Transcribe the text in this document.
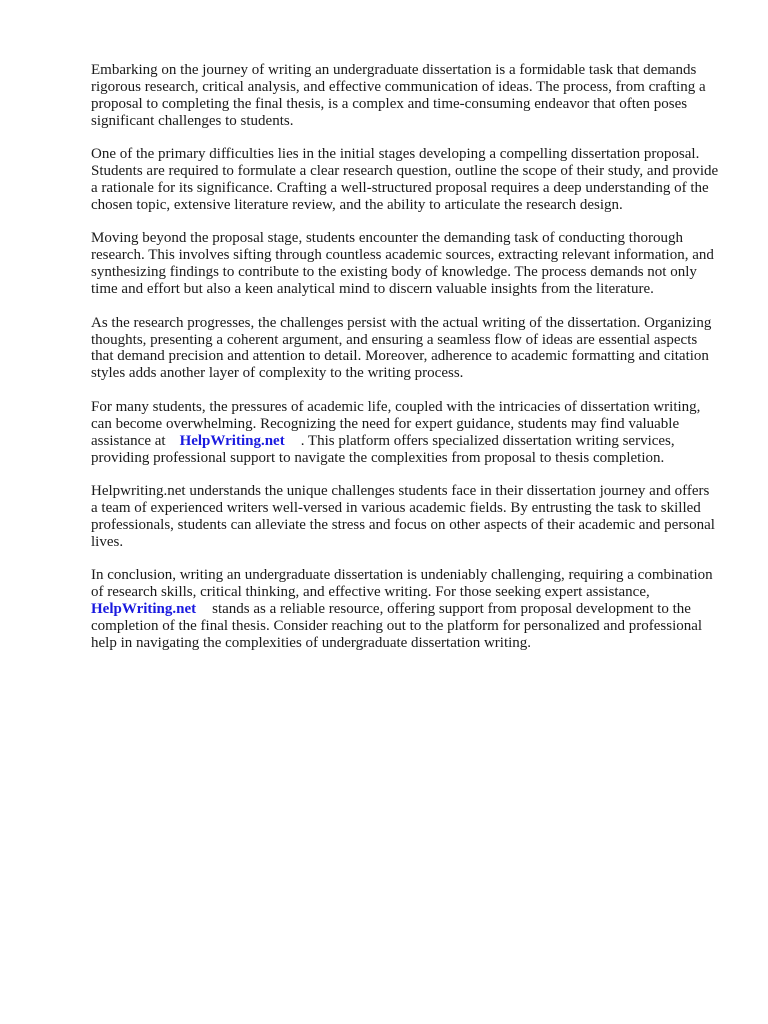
Embarking on the journey of writing an undergraduate dissertation is a formidable task that demands rigorous research, critical analysis, and effective communication of ideas. The process, from crafting a proposal to completing the final thesis, is a complex and time-consuming endeavor that often poses significant challenges to students.

One of the primary difficulties lies in the initial stages developing a compelling dissertation proposal. Students are required to formulate a clear research question, outline the scope of their study, and provide a rationale for its significance. Crafting a well-structured proposal requires a deep understanding of the chosen topic, extensive literature review, and the ability to articulate the research design.

Moving beyond the proposal stage, students encounter the demanding task of conducting thorough research. This involves sifting through countless academic sources, extracting relevant information, and synthesizing findings to contribute to the existing body of knowledge. The process demands not only time and effort but also a keen analytical mind to discern valuable insights from the literature.

As the research progresses, the challenges persist with the actual writing of the dissertation. Organizing thoughts, presenting a coherent argument, and ensuring a seamless flow of ideas are essential aspects that demand precision and attention to detail. Moreover, adherence to academic formatting and citation styles adds another layer of complexity to the writing process.

For many students, the pressures of academic life, coupled with the intricacies of dissertation writing, can become overwhelming. Recognizing the need for expert guidance, students may find valuable assistance at HelpWriting.net . This platform offers specialized dissertation writing services, providing professional support to navigate the complexities from proposal to thesis completion.

Helpwriting.net understands the unique challenges students face in their dissertation journey and offers a team of experienced writers well-versed in various academic fields. By entrusting the task to skilled professionals, students can alleviate the stress and focus on other aspects of their academic and personal lives.

In conclusion, writing an undergraduate dissertation is undeniably challenging, requiring a combination of research skills, critical thinking, and effective writing. For those seeking expert assistance,HelpWriting.net stands as a reliable resource, offering support from proposal development to the completion of the final thesis. Consider reaching out to the platform for personalized and professional help in navigating the complexities of undergraduate dissertation writing.
